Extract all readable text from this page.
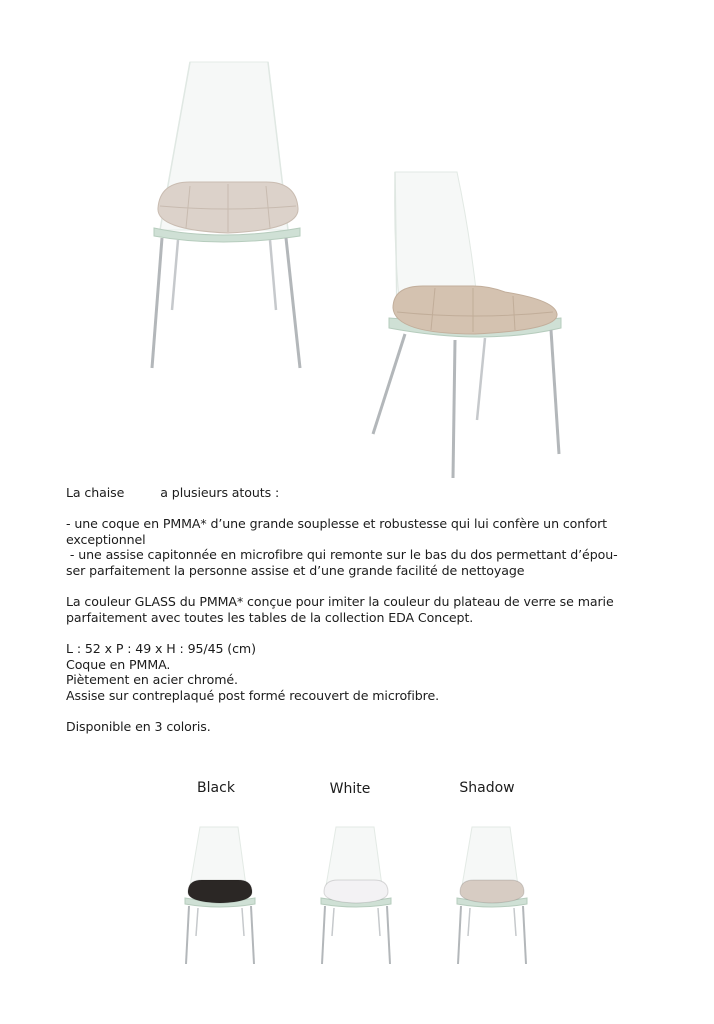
La chaise	a plusieurs atouts :
- une coque en PMMA* d’une grande souplesse et robustesse qui lui confère un confort
exceptionnel
- une assise capitonnée en microfibre qui remonte sur le bas du dos permettant d’épou-
ser parfaitement la personne assise et d’une grande facilité de nettoyage
La couleur GLASS du PMMA* conçue pour imiter la couleur du plateau de verre se marie
parfaitement avec toutes les tables de la collection EDA Concept.
L : 52 x P : 49 x H : 95/45 (cm)
Coque en PMMA.
Piètement en acier chromé.
Assise sur contreplaqué post formé recouvert de microfibre.
Disponible en 3 coloris.
Black	White	Shadow
